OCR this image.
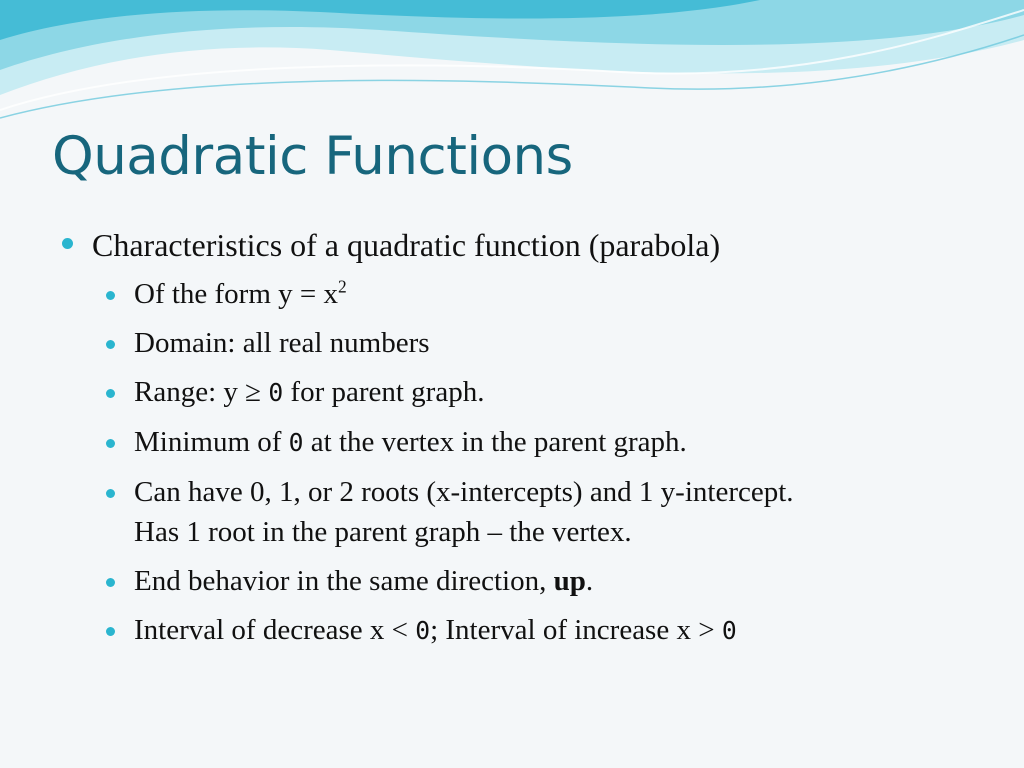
Quadratic Functions
Characteristics of a quadratic function (parabola)
Of the form $y = x^2$
Domain: all real numbers
Range: y ≥ 0 for parent graph.
Minimum of 0 at the vertex in the parent graph.
Can have 0, 1, or 2 roots (x-intercepts) and 1 y-intercept.
Has 1 root in the parent graph – the vertex.
End behavior in the same direction, up.
Interval of decrease x < 0; Interval of increase x > 0
